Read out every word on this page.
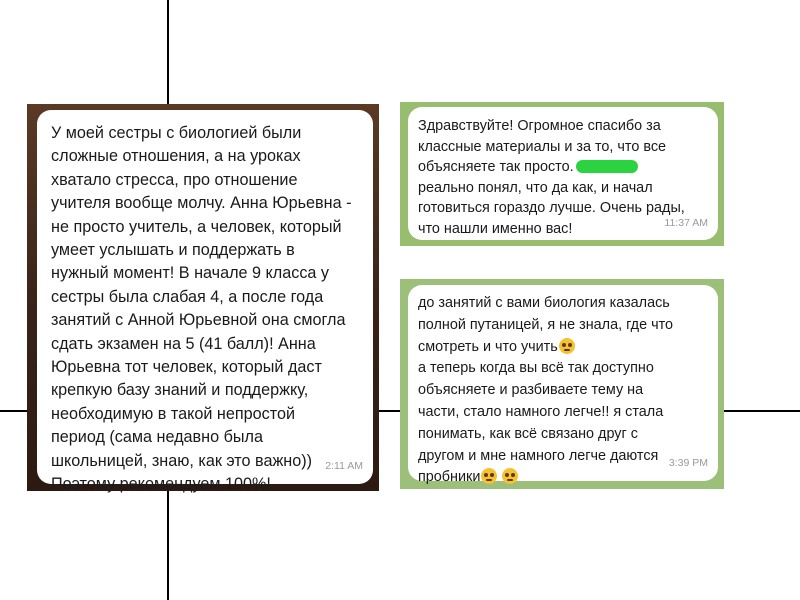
У моей сестры с биологией были
сложные отношения, а на уроках
хватало стресса, про отношение
учителя вообще молчу. Анна Юрьевна -
не просто учитель, а человек, который
умеет услышать и поддержать в
нужный момент! В начале 9 класса у
сестры была слабая 4, а после года
занятий с Анной Юрьевной она смогла
сдать экзамен на 5 (41 балл)! Анна
Юрьевна тот человек, который даст
крепкую базу знаний и поддержку,
необходимую в такой непростой
период (сама недавно была
школьницей, знаю, как это важно))
Поэтому рекомендуем 100%!

2:11 AM

Здравствуйте! Огромное спасибо за
классные материалы и за то, что все
объясняете так просто.
реально понял, что да как, и начал
готовиться гораздо лучше. Очень рады,
что нашли именно вас!	11:37 AM

до занятий с вами биология казалась
полной путаницей, я не знала, где что
смотреть и что учить

а теперь когда вы всё так доступно
объясняете и разбиваете тему на
части, стало намного легче!! я стала
понимать, как всё связано друг с
другом и мне намного легче даются
пробники

3:39 PM
